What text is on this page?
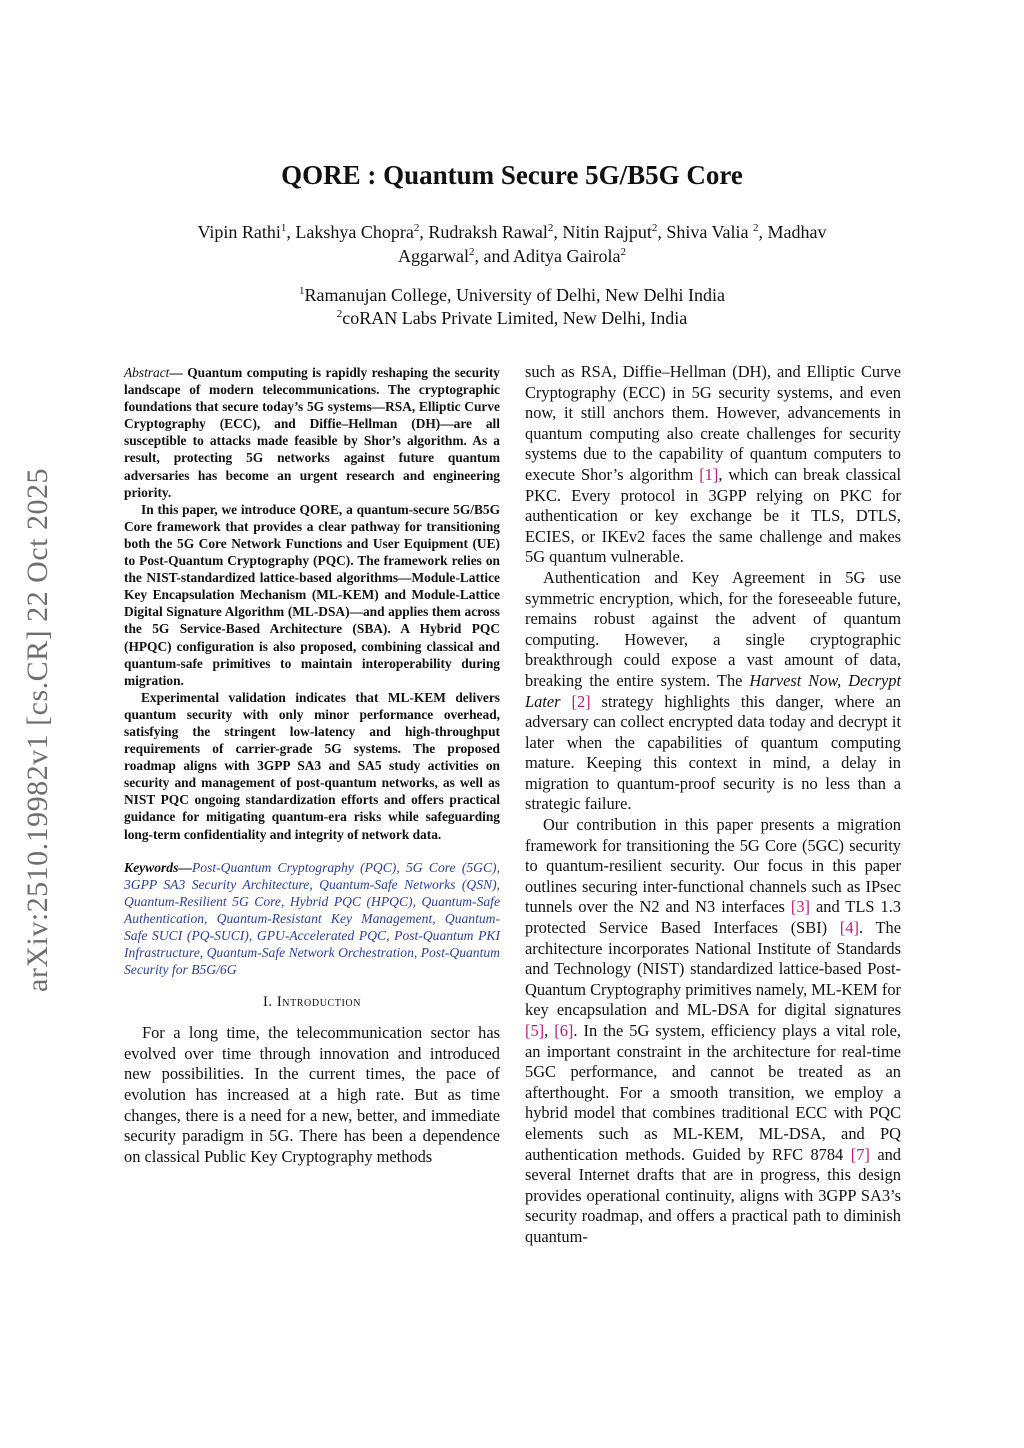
arXiv:2510.19982v1 [cs.CR] 22 Oct 2025
QORE : Quantum Secure 5G/B5G Core
Vipin Rathi$^1$, Lakshya Chopra$^2$, Rudraksh Rawal$^2$, Nitin Rajput$^2$, Shiva Valia $^2$, Madhav Aggarwal$^2$, and Aditya Gairola$^2$
$^1$Ramanujan College, University of Delhi, New Delhi India
$^2$coRAN Labs Private Limited, New Delhi, India

Abstract— Quantum computing is rapidly reshaping the security landscape of modern telecommunications. The cryptographic foundations that secure today’s 5G systems—RSA, Elliptic Curve Cryptography (ECC), and Diffie–Hellman (DH)—are all susceptible to attacks made feasible by Shor’s algorithm. As a result, protecting 5G networks against future quantum adversaries has become an urgent research and engineering priority.

In this paper, we introduce QORE, a quantum-secure 5G/B5G Core framework that provides a clear pathway for transitioning both the 5G Core Network Functions and User Equipment (UE) to Post-Quantum Cryptography (PQC). The framework relies on the NIST-standardized lattice-based algorithms—Module-Lattice Key Encapsulation Mechanism (ML-KEM) and Module-Lattice Digital Signature Algorithm (ML-DSA)—and applies them across the 5G Service-Based Architecture (SBA). A Hybrid PQC (HPQC) configuration is also proposed, combining classical and quantum-safe primitives to maintain interoperability during migration.

Experimental validation indicates that ML-KEM delivers quantum security with only minor performance overhead, satisfying the stringent low-latency and high-throughput requirements of carrier-grade 5G systems. The proposed roadmap aligns with 3GPP SA3 and SA5 study activities on security and management of post-quantum networks, as well as NIST PQC ongoing standardization efforts and offers practical guidance for mitigating quantum-era risks while safeguarding long-term confidentiality and integrity of network data.

Keywords—Post-Quantum Cryptography (PQC), 5G Core (5GC), 3GPP SA3 Security Architecture, Quantum-Safe Networks (QSN), Quantum-Resilient 5G Core, Hybrid PQC (HPQC), Quantum-Safe Authentication, Quantum-Resistant Key Management, Quantum-Safe SUCI (PQ-SUCI), GPU-Accelerated PQC, Post-Quantum PKI Infrastructure, Quantum-Safe Network Orchestration, Post-Quantum Security for B5G/6G
I. Introduction

For a long time, the telecommunication sector has evolved over time through innovation and introduced new possibilities. In the current times, the pace of evolution has increased at a high rate. But as time changes, there is a need for a new, better, and immediate security paradigm in 5G. There has been a dependence on classical Public Key Cryptography methods

such as RSA, Diffie–Hellman (DH), and Elliptic Curve Cryptography (ECC) in 5G security systems, and even now, it still anchors them. However, advancements in quantum computing also create challenges for security systems due to the capability of quantum computers to execute Shor’s algorithm [1], which can break classical PKC. Every protocol in 3GPP relying on PKC for authentication or key exchange be it TLS, DTLS, ECIES, or IKEv2 faces the same challenge and makes 5G quantum vulnerable.

Authentication and Key Agreement in 5G use symmetric encryption, which, for the foreseeable future, remains robust against the advent of quantum computing. However, a single cryptographic breakthrough could expose a vast amount of data, breaking the entire system. The Harvest Now, Decrypt Later [2] strategy highlights this danger, where an adversary can collect encrypted data today and decrypt it later when the capabilities of quantum computing mature. Keeping this context in mind, a delay in migration to quantum-proof security is no less than a strategic failure.

Our contribution in this paper presents a migration framework for transitioning the 5G Core (5GC) security to quantum-resilient security. Our focus in this paper outlines securing inter-functional channels such as IPsec tunnels over the N2 and N3 interfaces [3] and TLS 1.3 protected Service Based Interfaces (SBI) [4]. The architecture incorporates National Institute of Standards and Technology (NIST) standardized lattice-based Post-Quantum Cryptography primitives namely, ML-KEM for key encapsulation and ML-DSA for digital signatures [5], [6]. In the 5G system, efficiency plays a vital role, an important constraint in the architecture for real-time 5GC performance, and cannot be treated as an afterthought. For a smooth transition, we employ a hybrid model that combines traditional ECC with PQC elements such as ML-KEM, ML-DSA, and PQ authentication methods. Guided by RFC 8784 [7] and several Internet drafts that are in progress, this design provides operational continuity, aligns with 3GPP SA3’s security roadmap, and offers a practical path to diminish quantum-
